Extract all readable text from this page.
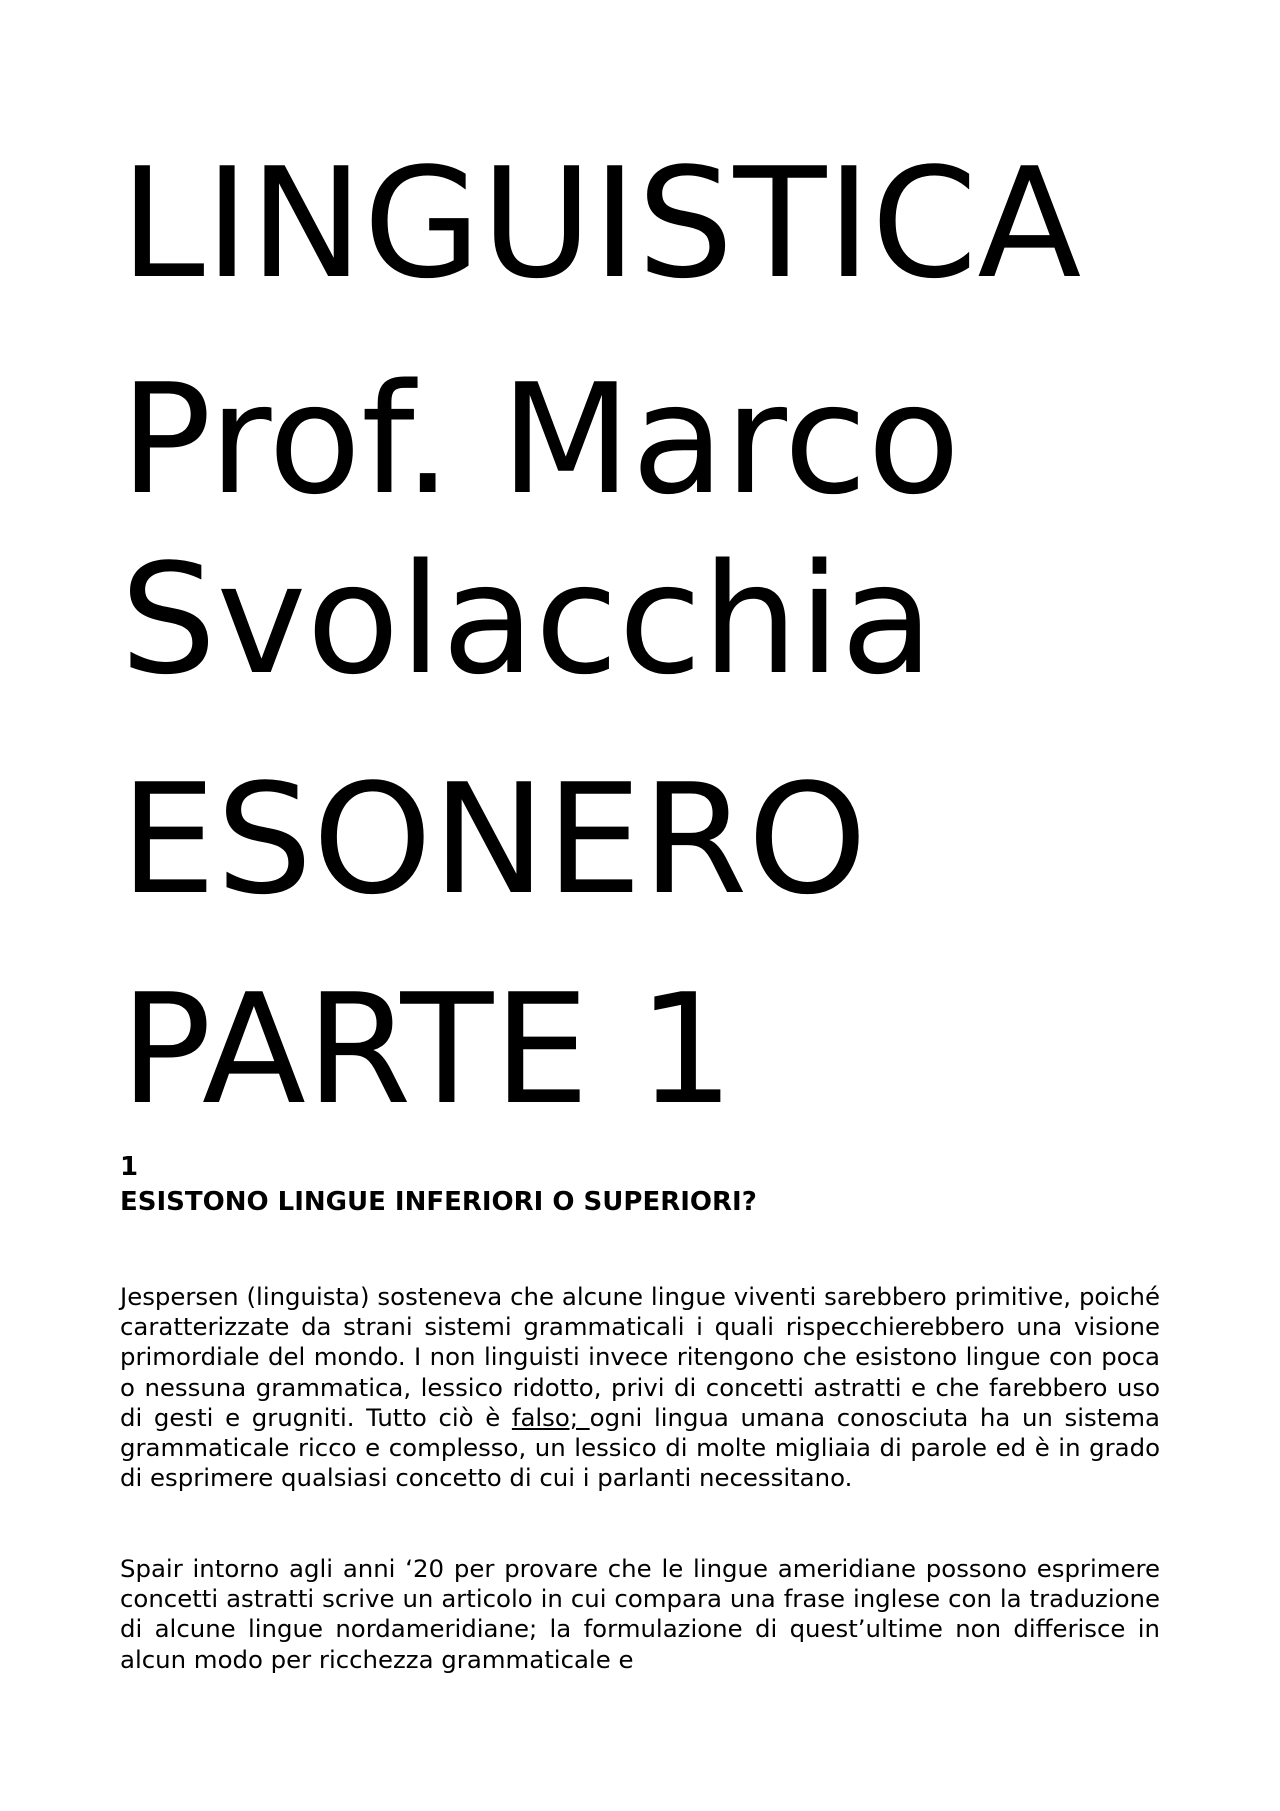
LINGUISTICA
Prof. Marco
Svolacchia
ESONERO
PARTE 1
1
ESISTONO LINGUE INFERIORI O SUPERIORI?

Jespersen (linguista) sosteneva che alcune lingue viventi sarebbero primitive, poiché caratterizzate da strani sistemi grammaticali i quali rispecchierebbero una visione primordiale del mondo. I non linguisti invece ritengono che esistono lingue con poca o nessuna grammatica, lessico ridotto, privi di concetti astratti e che farebbero uso di gesti e grugniti. Tutto ciò è falso; ogni lingua umana conosciuta ha un sistema grammaticale ricco e complesso, un lessico di molte migliaia di parole ed è in grado di esprimere qualsiasi concetto di cui i parlanti necessitano.

Spair intorno agli anni ‘20 per provare che le lingue ameridiane possono esprimere concetti astratti scrive un articolo in cui compara una frase inglese con la traduzione di alcune lingue nordameridiane; la formulazione di quest’ultime non differisce in alcun modo per ricchezza grammaticale e
